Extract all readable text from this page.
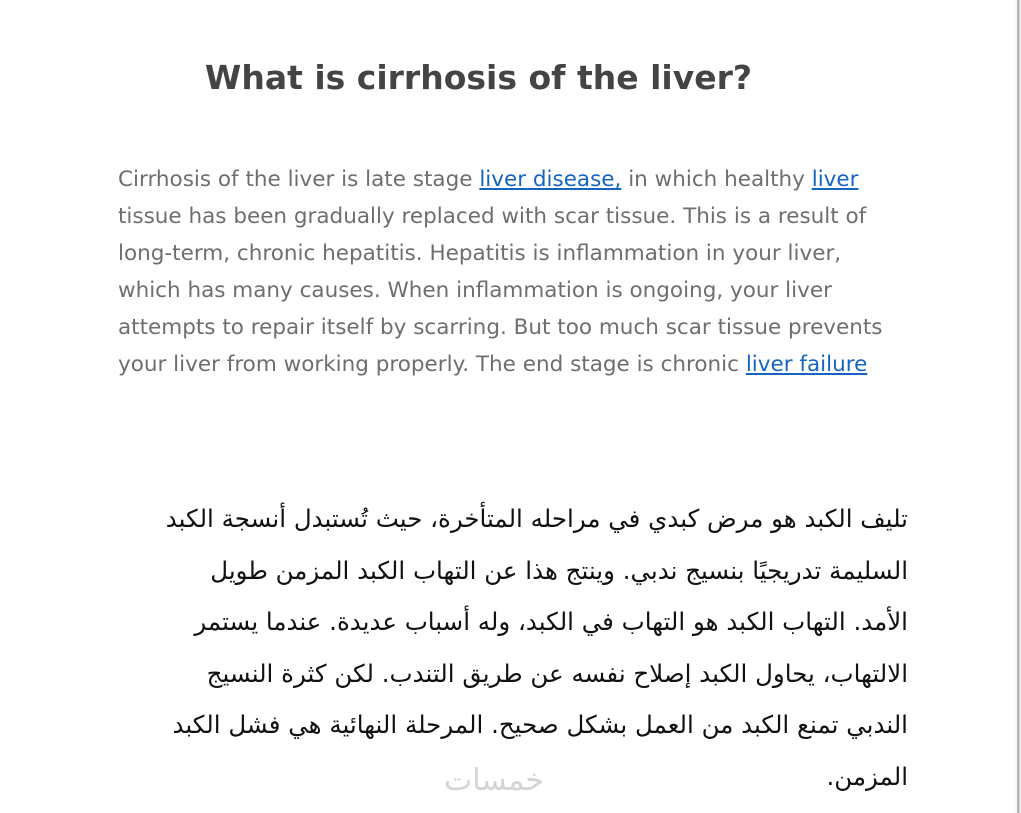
What is cirrhosis of the liver?

Cirrhosis of the liver is late stage liver disease, in which healthy liver
tissue has been gradually replaced with scar tissue. This is a result of
long-term, chronic hepatitis. Hepatitis is inflammation in your liver,
which has many causes. When inflammation is ongoing, your liver
attempts to repair itself by scarring. But too much scar tissue prevents
your liver from working properly. The end stage is chronic liver failure

تليف الكبد هو مرض كبدي في مراحله المتأخرة، حيث تُستبدل أنسجة الكبد
السليمة تدريجيًا بنسيج ندبي. وينتج هذا عن التهاب الكبد المزمن طويل
الأمد. التهاب الكبد هو التهاب في الكبد، وله أسباب عديدة. عندما يستمر
الالتهاب، يحاول الكبد إصلاح نفسه عن طريق التندب. لكن كثرة النسيج
الندبي تمنع الكبد من العمل بشكل صحيح. المرحلة النهائية هي فشل الكبد
المزمن.

خمسات
